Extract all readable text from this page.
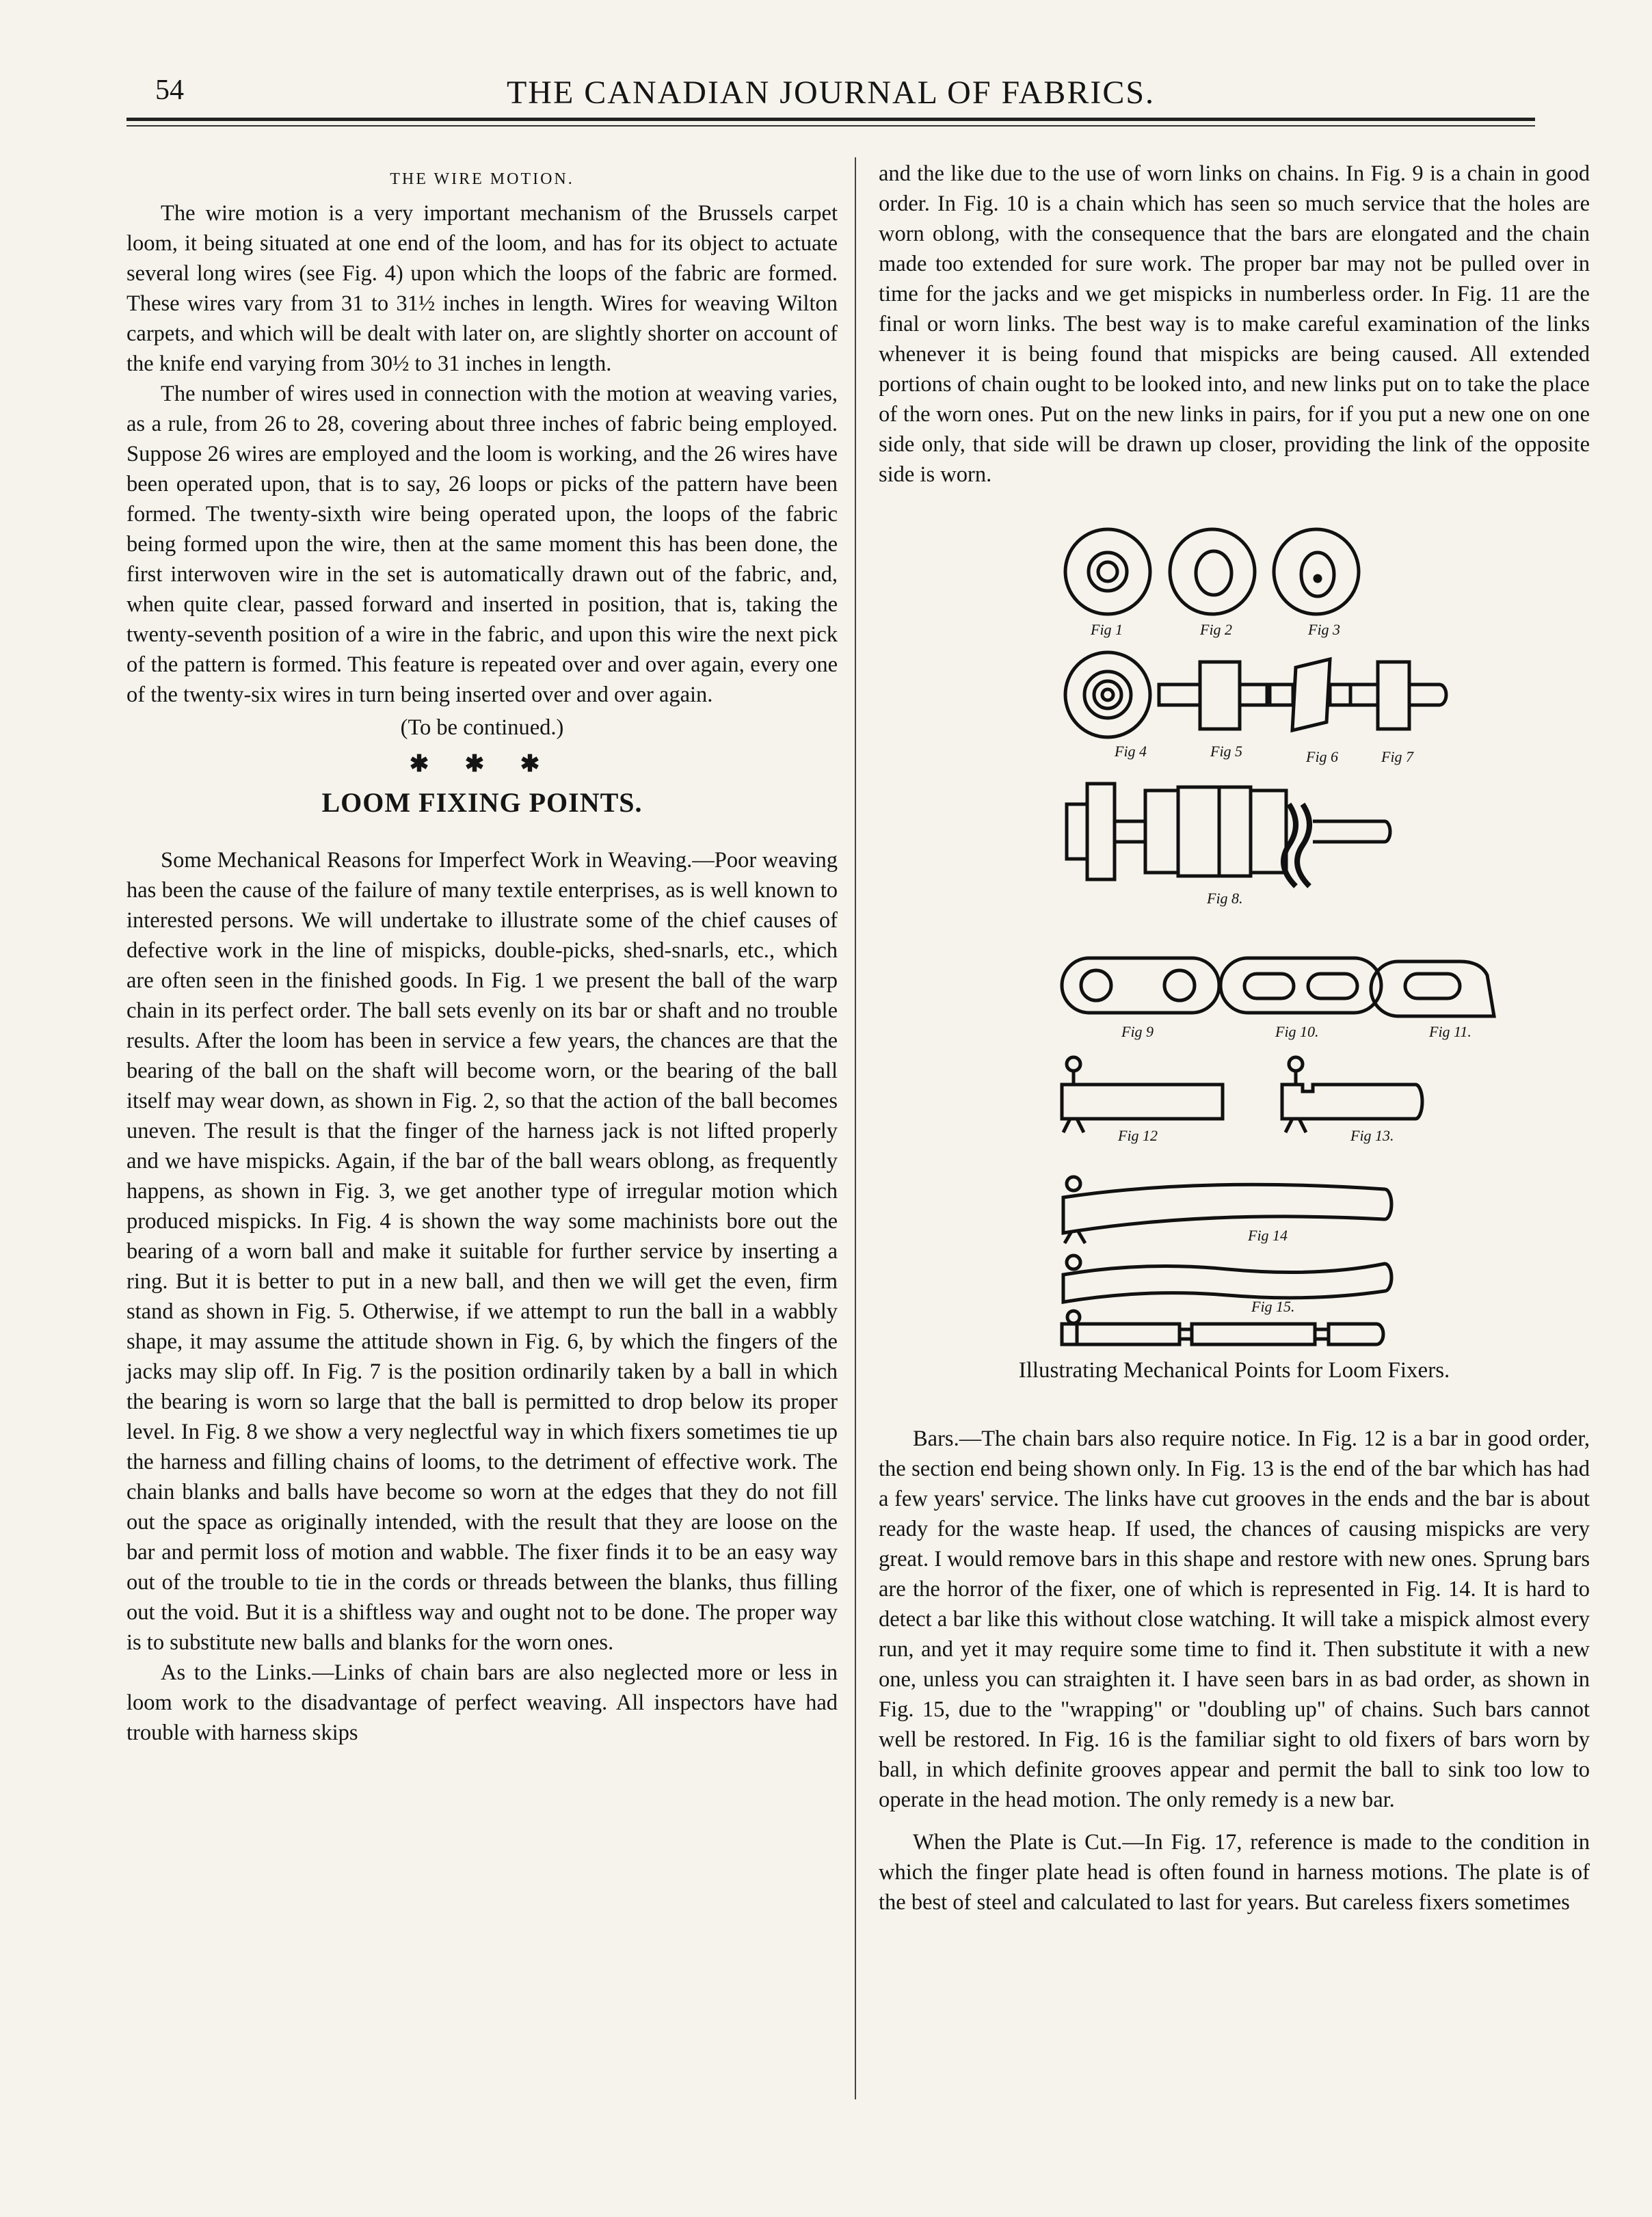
THE CANADIAN JOURNAL OF FABRICS.
54
THE WIRE MOTION.

The wire motion is a very important mechanism of the Brussels carpet loom, it being situated at one end of the loom, and has for its object to actuate several long wires (see Fig. 4) upon which the loops of the fabric are formed. These wires vary from 31 to 31½ inches in length. Wires for weaving Wilton carpets, and which will be dealt with later on, are slightly shorter on account of the knife end varying from 30½ to 31 inches in length.

The number of wires used in connection with the motion at weaving varies, as a rule, from 26 to 28, covering about three inches of fabric being employed. Suppose 26 wires are employed and the loom is working, and the 26 wires have been operated upon, that is to say, 26 loops or picks of the pattern have been formed. The twenty-sixth wire being operated upon, the loops of the fabric being formed upon the wire, then at the same moment this has been done, the first interwoven wire in the set is automatically drawn out of the fabric, and, when quite clear, passed forward and inserted in position, that is, taking the twenty-seventh position of a wire in the fabric, and upon this wire the next pick of the pattern is formed. This feature is repeated over and over again, every one of the twenty-six wires in turn being inserted over and over again.

(To be continued.)
✱ ✱ ✱
LOOM FIXING POINTS.

Some Mechanical Reasons for Imperfect Work in Weaving.—Poor weaving has been the cause of the failure of many textile enterprises, as is well known to interested persons. We will undertake to illustrate some of the chief causes of defective work in the line of mispicks, double-picks, shed-snarls, etc., which are often seen in the finished goods. In Fig. 1 we present the ball of the warp chain in its perfect order. The ball sets evenly on its bar or shaft and no trouble results. After the loom has been in service a few years, the chances are that the bearing of the ball on the shaft will become worn, or the bearing of the ball itself may wear down, as shown in Fig. 2, so that the action of the ball becomes uneven. The result is that the finger of the harness jack is not lifted properly and we have mispicks. Again, if the bar of the ball wears oblong, as frequently happens, as shown in Fig. 3, we get another type of irregular motion which produced mispicks. In Fig. 4 is shown the way some machinists bore out the bearing of a worn ball and make it suitable for further service by inserting a ring. But it is better to put in a new ball, and then we will get the even, firm stand as shown in Fig. 5. Otherwise, if we attempt to run the ball in a wabbly shape, it may assume the attitude shown in Fig. 6, by which the fingers of the jacks may slip off. In Fig. 7 is the position ordinarily taken by a ball in which the bearing is worn so large that the ball is permitted to drop below its proper level. In Fig. 8 we show a very neglectful way in which fixers sometimes tie up the harness and filling chains of looms, to the detriment of effective work. The chain blanks and balls have become so worn at the edges that they do not fill out the space as originally intended, with the result that they are loose on the bar and permit loss of motion and wabble. The fixer finds it to be an easy way out of the trouble to tie in the cords or threads between the blanks, thus filling out the void. But it is a shiftless way and ought not to be done. The proper way is to substitute new balls and blanks for the worn ones.

As to the Links.—Links of chain bars are also neglected more or less in loom work to the disadvantage of perfect weaving. All inspectors have had trouble with harness skips

and the like due to the use of worn links on chains. In Fig. 9 is a chain in good order. In Fig. 10 is a chain which has seen so much service that the holes are worn oblong, with the consequence that the bars are elongated and the chain made too extended for sure work. The proper bar may not be pulled over in time for the jacks and we get mispicks in numberless order. In Fig. 11 are the final or worn links. The best way is to make careful examination of the links whenever it is being found that mispicks are being caused. All extended portions of chain ought to be looked into, and new links put on to take the place of the worn ones. Put on the new links in pairs, for if you put a new one on one side only, that side will be drawn up closer, providing the link of the opposite side is worn.

Fig 1	Fig 2	Fig 3
Fig 4	Fig 5	Fig 6	Fig 7
Fig 8.
Fig 9	Fig 10.	Fig 11.
Fig 12	Fig 13.
Fig 14
Fig 15.
Illustrating Mechanical Points for Loom Fixers.

Bars.—The chain bars also require notice. In Fig. 12 is a bar in good order, the section end being shown only. In Fig. 13 is the end of the bar which has had a few years' service. The links have cut grooves in the ends and the bar is about ready for the waste heap. If used, the chances of causing mispicks are very great. I would remove bars in this shape and restore with new ones. Sprung bars are the horror of the fixer, one of which is represented in Fig. 14. It is hard to detect a bar like this without close watching. It will take a mispick almost every run, and yet it may require some time to find it. Then substitute it with a new one, unless you can straighten it. I have seen bars in as bad order, as shown in Fig. 15, due to the "wrapping" or "doubling up" of chains. Such bars cannot well be restored. In Fig. 16 is the familiar sight to old fixers of bars worn by ball, in which definite grooves appear and permit the ball to sink too low to operate in the head motion. The only remedy is a new bar.

When the Plate is Cut.—In Fig. 17, reference is made to the condition in which the finger plate head is often found in harness motions. The plate is of the best of steel and calculated to last for years. But careless fixers sometimes
